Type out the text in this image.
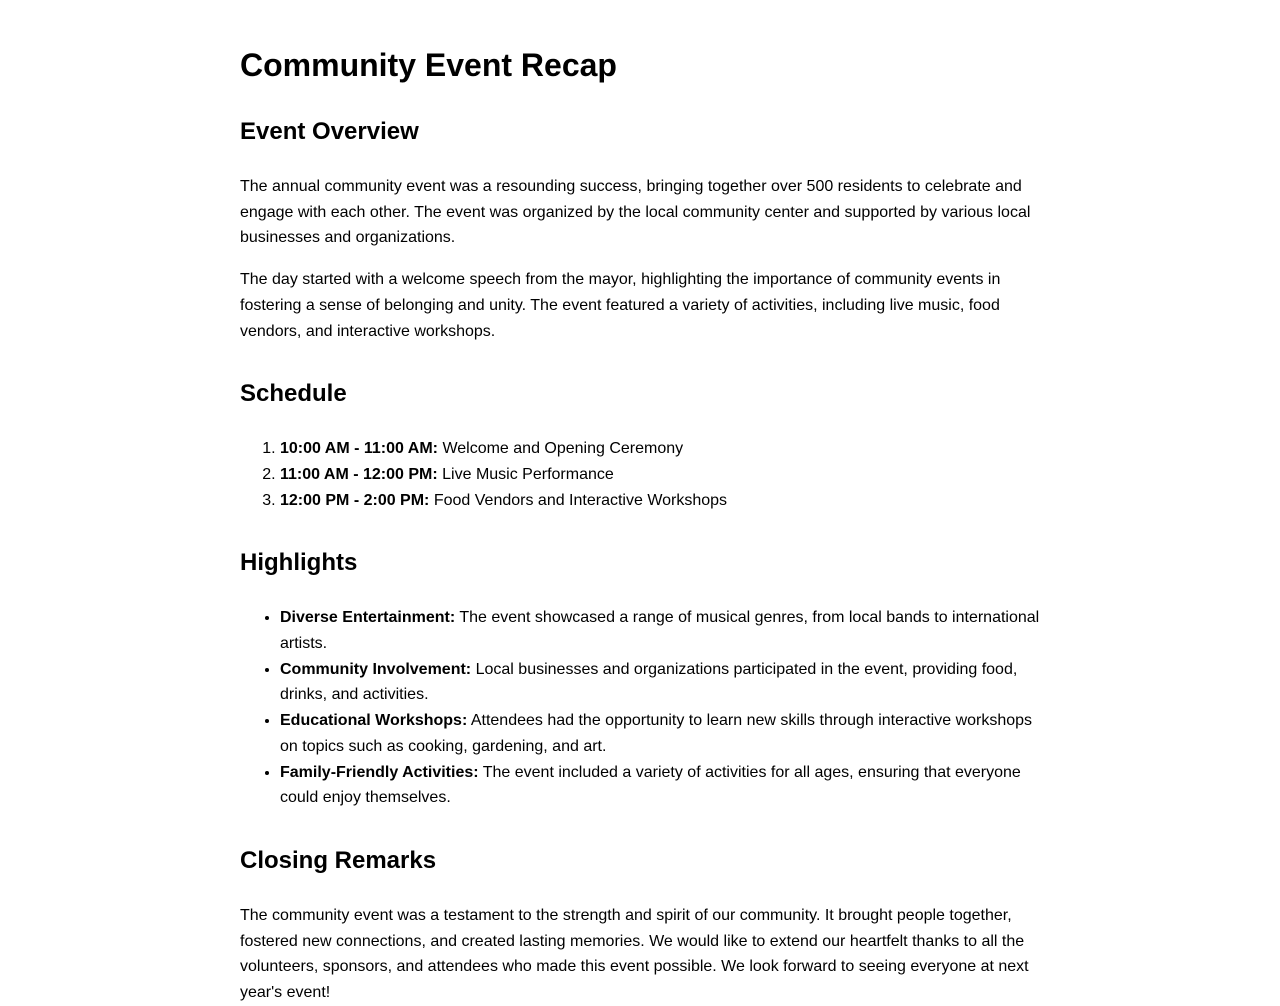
Community Event Recap
Event Overview

The annual community event was a resounding success, bringing together over 500 residents to celebrate and engage with each other. The event was organized by the local community center and supported by various local businesses and organizations.

The day started with a welcome speech from the mayor, highlighting the importance of community events in fostering a sense of belonging and unity. The event featured a variety of activities, including live music, food vendors, and interactive workshops.

Schedule
1. 10:00 AM - 11:00 AM: Welcome and Opening Ceremony
2. 11:00 AM - 12:00 PM: Live Music Performance
3. 12:00 PM - 2:00 PM: Food Vendors and Interactive Workshops
Highlights
• Diverse Entertainment: The event showcased a range of musical genres, from local bands to international artists.
• Community Involvement: Local businesses and organizations participated in the event, providing food, drinks, and activities.
• Educational Workshops: Attendees had the opportunity to learn new skills through interactive workshops on topics such as cooking, gardening, and art.
• Family-Friendly Activities: The event included a variety of activities for all ages, ensuring that everyone could enjoy themselves.
Closing Remarks

The community event was a testament to the strength and spirit of our community. It brought people together, fostered new connections, and created lasting memories. We would like to extend our heartfelt thanks to all the volunteers, sponsors, and attendees who made this event possible. We look forward to seeing everyone at next year's event!
